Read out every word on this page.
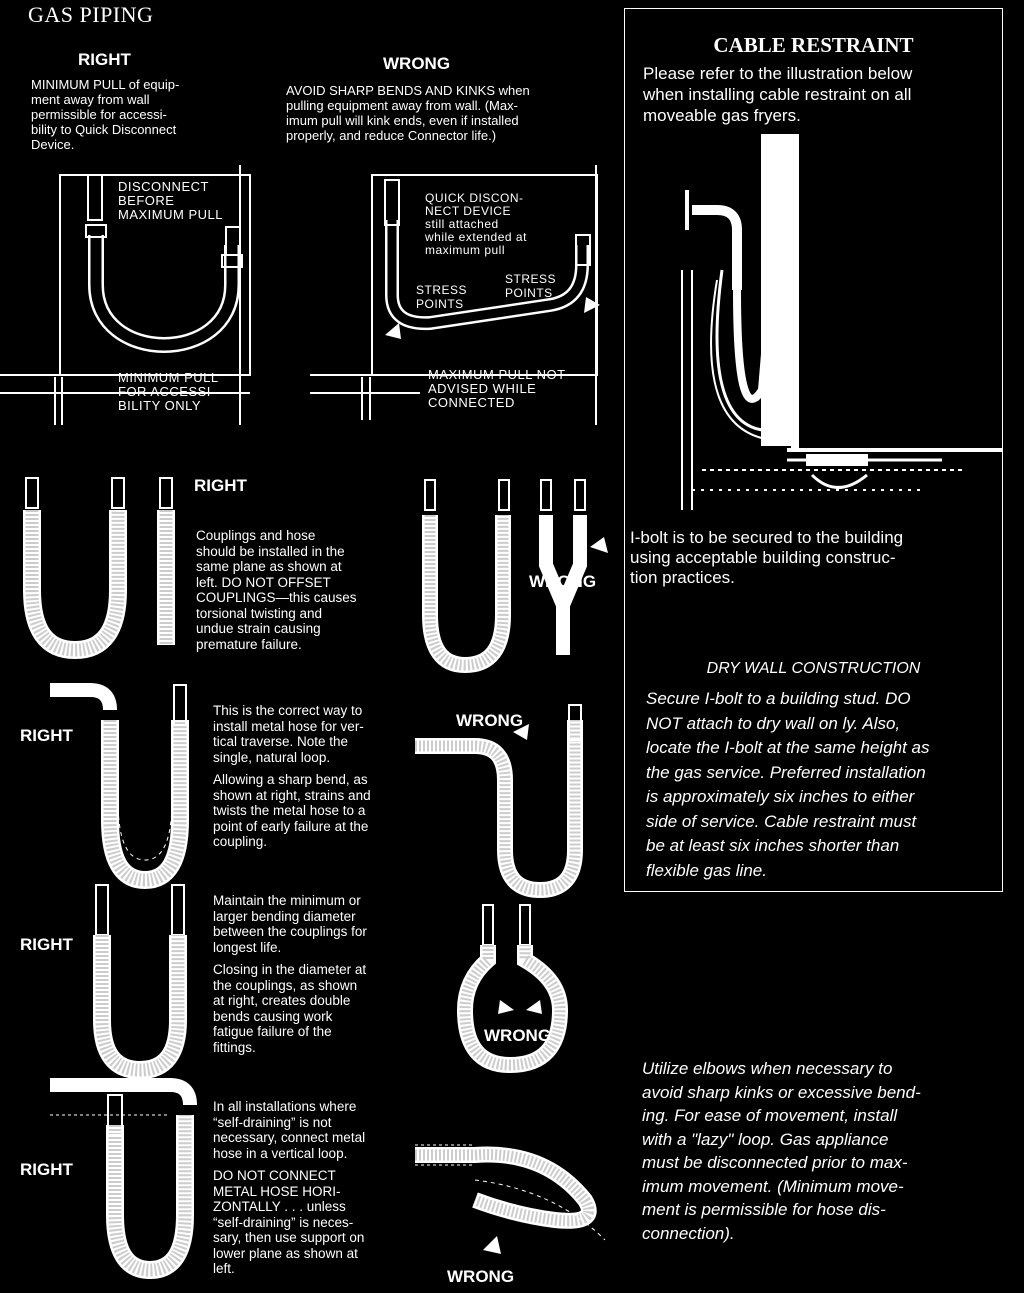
GAS PIPING
RIGHT
MINIMUM PULL of equip-
ment away from wall
permissible for accessi-
bility to Quick Disconnect
Device.
WRONG
AVOID SHARP BENDS AND KINKS when
pulling equipment away from wall. (Max-
imum pull will kink ends, even if installed
properly, and reduce Connector life.)
DISCONNECT
BEFORE
MAXIMUM PULL
MINIMUM PULL
FOR ACCESSI-
BILITY ONLY
QUICK DISCON-
NECT DEVICE
still attached
while extended at
maximum pull
STRESS
POINTS
STRESS
POINTS
MAXIMUM PULL NOT
ADVISED WHILE
CONNECTED
CABLE RESTRAINT
Please refer to the illustration below
when installing cable restraint on all
moveable gas fryers.
I-bolt is to be secured to the building
using acceptable building construc-
tion practices.
DRY WALL CONSTRUCTION
Secure I-bolt to a building stud. DO
NOT attach to dry wall on ly. Also,
locate the I-bolt at the same height as
the gas service. Preferred installation
is approximately six inches to either
side of service. Cable restraint must
be at least six inches shorter than
flexible gas line.
RIGHT
Couplings and hose
should be installed in the
same plane as shown at
left. DO NOT OFFSET
COUPLINGS—this causes
torsional twisting and
undue strain causing
premature failure.
WRONG
RIGHT
This is the correct way to
install metal hose for ver-
tical traverse. Note the
single, natural loop.
Allowing a sharp bend, as
shown at right, strains and
twists the metal hose to a
point of early failure at the
coupling.
WRONG
RIGHT
Maintain the minimum or
larger bending diameter
between the couplings for
longest life.
Closing in the diameter at
the couplings, as shown
at right, creates double
bends causing work
fatigue failure of the
fittings.
WRONG
RIGHT
In all installations where
“self-draining” is not
necessary, connect metal
hose in a vertical loop.
DO NOT CONNECT
METAL HOSE HORI-
ZONTALLY . . . unless
“self-draining” is neces-
sary, then use support on
lower plane as shown at
left.	WRONG
Utilize elbows when necessary to
avoid sharp kinks or excessive bend-
ing. For ease of movement, install
with a "lazy" loop. Gas appliance
must be disconnected prior to max-
imum movement. (Minimum move-
ment is permissible for hose dis-
connection).
